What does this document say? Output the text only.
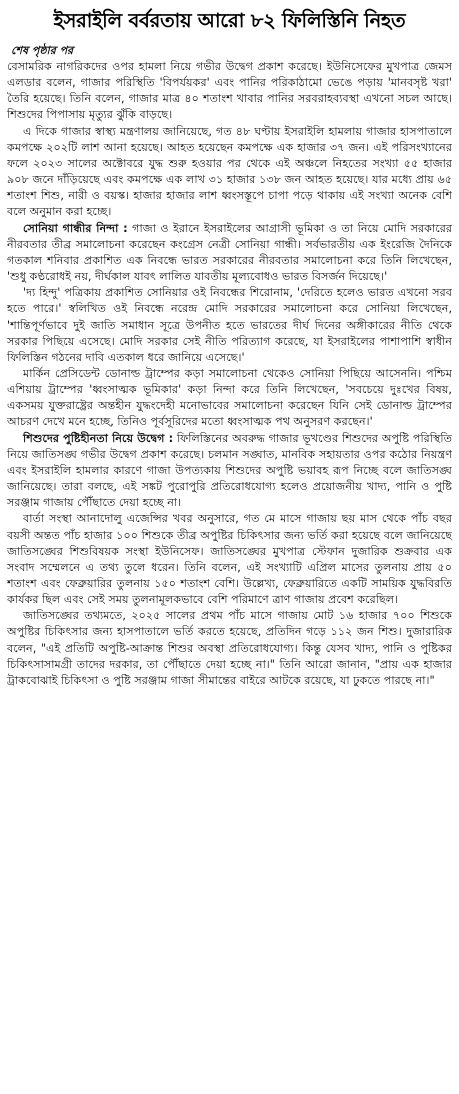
ইসরাইলি বর্বরতায় আরো ৮২ ফিলিস্তিনি নিহত
শেষ পৃষ্ঠার পর

বেসামরিক নাগরিকদের ওপর হামলা নিয়ে গভীর উদ্বেগ প্রকাশ করেছে। ইউনিসেফের মুখপাত্র জেমস এলডার বলেন, গাজার পরিস্থিতি 'বিপর্যয়কর' এবং পানির পরিকাঠামো ভেঙে পড়ায় 'মানবসৃষ্ট খরা' তৈরি হয়েছে। তিনি বলেন, গাজার মাত্র ৪০ শতাংশ খাবার পানির সরবরাহব্যবস্থা এখনো সচল আছে। শিশুদের পিপাসায় মৃত্যুর ঝুঁকি বাড়ছে।

এ দিকে গাজার স্বাস্থ্য মন্ত্রণালয় জানিয়েছে, গত ৪৮ ঘণ্টায় ইসরাইলি হামলায় গাজার হাসপাতালে কমপক্ষে ২০২টি লাশ আনা হয়েছে। আহত হয়েছেন কমপক্ষে এক হাজার ৩৭ জন। এই পরিসংখ্যানের ফলে ২০২৩ সালের অক্টোবরে যুদ্ধ শুরু হওয়ার পর থেকে এই অঞ্চলে নিহতের সংখ্যা ৫৫ হাজার ৯০৮ জনে দাঁড়িয়েছে এবং কমপক্ষে এক লাখ ৩১ হাজার ১৩৮ জন আহত হয়েছে। যার মধ্যে প্রায় ৬৫ শতাংশ শিশু, নারী ও বয়স্ক। হাজার হাজার লাশ ধ্বংসস্তূপে চাপা পড়ে থাকায় এই সংখ্যা অনেক বেশি বলে অনুমান করা হচ্ছে।

সোনিয়া গান্ধীর নিন্দা : গাজা ও ইরানে ইসরাইলের আগ্রাসী ভূমিকা ও তা নিয়ে মোদি সরকারের নীরবতার তীব্র সমালোচনা করেছেন কংগ্রেস নেত্রী সোনিয়া গান্ধী। সর্বভারতীয় এক ইংরেজি দৈনিকে গতকাল শনিবার প্রকাশিত এক নিবন্ধে ভারত সরকারের নীরবতার সমালোচনা করে তিনি লিখেছেন, 'শুধু কণ্ঠরোধই নয়, দীর্ঘকাল যাবৎ লালিত যাবতীয় মূল্যবোধও ভারত বিসর্জন দিয়েছে।'

'দ্য হিন্দু' পত্রিকায় প্রকাশিত সোনিয়ার ওই নিবন্ধের শিরোনাম, 'দেরিতে হলেও ভারত এখনো সরব হতে পারে।' স্বলিখিত ওই নিবন্ধে নরেন্দ্র মোদি সরকারের সমালোচনা করে সোনিয়া লিখেছেন, 'শান্তিপূর্ণভাবে দুই জাতি সমাধান সূত্রে উপনীত হতে ভারতের দীর্ঘ দিনের অঙ্গীকারের নীতি থেকে সরকার পিছিয়ে এসেছে। মোদি সরকার সেই নীতি পরিত্যাগ করেছে, যা ইসরাইলের পাশাপাশি স্বাধীন ফিলিস্তিন গঠনের দাবি এতকাল ধরে জানিয়ে এসেছে।'

মার্কিন প্রেসিডেন্ট ডোনাল্ড ট্রাম্পের কড়া সমালোচনা থেকেও সোনিয়া পিছিয়ে আসেননি। পশ্চিম এশিয়ায় ট্রাম্পের 'ধ্বংসাত্মক ভূমিকার' কড়া নিন্দা করে তিনি লিখেছেন, 'সবচেয়ে দুঃখের বিষয়, একসময় যুক্তরাষ্ট্রের অন্তহীন যুদ্ধংদেহী মনোভাবের সমালোচনা করেছেন যিনি সেই ডোনাল্ড ট্রাম্পের আচরণ দেখে মনে হচ্ছে, তিনিও পূর্বসূরিদের মতো ধ্বংসাত্মক পথ অনুসরণ করছেন।'

শিশুদের পুষ্টিহীনতা নিয়ে উদ্বেগ : ফিলিস্তিনের অবরুদ্ধ গাজার ভূখণ্ডের শিশুদের অপুষ্টি পরিস্থিতি নিয়ে জাতিসঙ্ঘ গভীর উদ্বেগ প্রকাশ করেছে। চলমান সঙ্ঘাত, মানবিক সহায়তার ওপর কঠোর নিয়ন্ত্রণ এবং ইসরাইলি হামলার কারণে গাজা উপত্যকায় শিশুদের অপুষ্টি ভয়াবহ রূপ নিচ্ছে বলে জাতিসঙ্ঘ জানিয়েছে। তারা বলছে, এই সঙ্কট পুরোপুরি প্রতিরোধযোগ্য হলেও প্রয়োজনীয় খাদ্য, পানি ও পুষ্টি সরঞ্জাম গাজায় পৌঁছাতে দেয়া হচ্ছে না।

বার্তা সংস্থা আনাদোলু এজেন্সির খবর অনুসারে, গত মে মাসে গাজায় ছয় মাস থেকে পাঁচ বছর বয়সী অন্তত পাঁচ হাজার ১০০ শিশুকে তীব্র অপুষ্টির চিকিৎসার জন্য ভর্তি করা হয়েছে বলে জানিয়েছে জাতিসঙ্ঘের শিশুবিষয়ক সংস্থা ইউনিসেফ। জাতিসঙ্ঘের মুখপাত্র স্টেফান দুজারিক শুক্রবার এক সংবাদ সম্মেলনে এ তথ্য তুলে ধরেন। তিনি বলেন, এই সংখ্যাটি এপ্রিল মাসের তুলনায় প্রায় ৫০ শতাংশ এবং ফেব্রুয়ারির তুলনায় ১৫০ শতাংশ বেশি। উল্লেখ্য, ফেব্রুয়ারিতে একটি সাময়িক যুদ্ধবিরতি কার্যকর ছিল এবং সেই সময় তুলনামূলকভাবে বেশি পরিমাণে ত্রাণ গাজায় প্রবেশ করেছিল।

জাতিসঙ্ঘের তথ্যমতে, ২০২৫ সালের প্রথম পাঁচ মাসে গাজায় মোট ১৬ হাজার ৭০০ শিশুকে অপুষ্টির চিকিৎসার জন্য হাসপাতালে ভর্তি করতে হয়েছে, প্রতিদিন গড়ে ১১২ জন শিশু। দুজারারিক বলেন, "এই প্রতিটি অপুষ্টি-আক্রান্ত শিশুর অবস্থা প্রতিরোধযোগ্য। কিন্তু যেসব খাদ্য, পানি ও পুষ্টিকর চিকিৎসাসামগ্রী তাদের দরকার, তা পৌঁছাতে দেয়া হচ্ছে না।" তিনি আরো জানান, "প্রায় এক হাজার ট্রাকবোঝাই চিকিৎসা ও পুষ্টি সরঞ্জাম গাজা সীমান্তের বাইরে আটকে রয়েছে, যা ঢুকতে পারছে না।"
